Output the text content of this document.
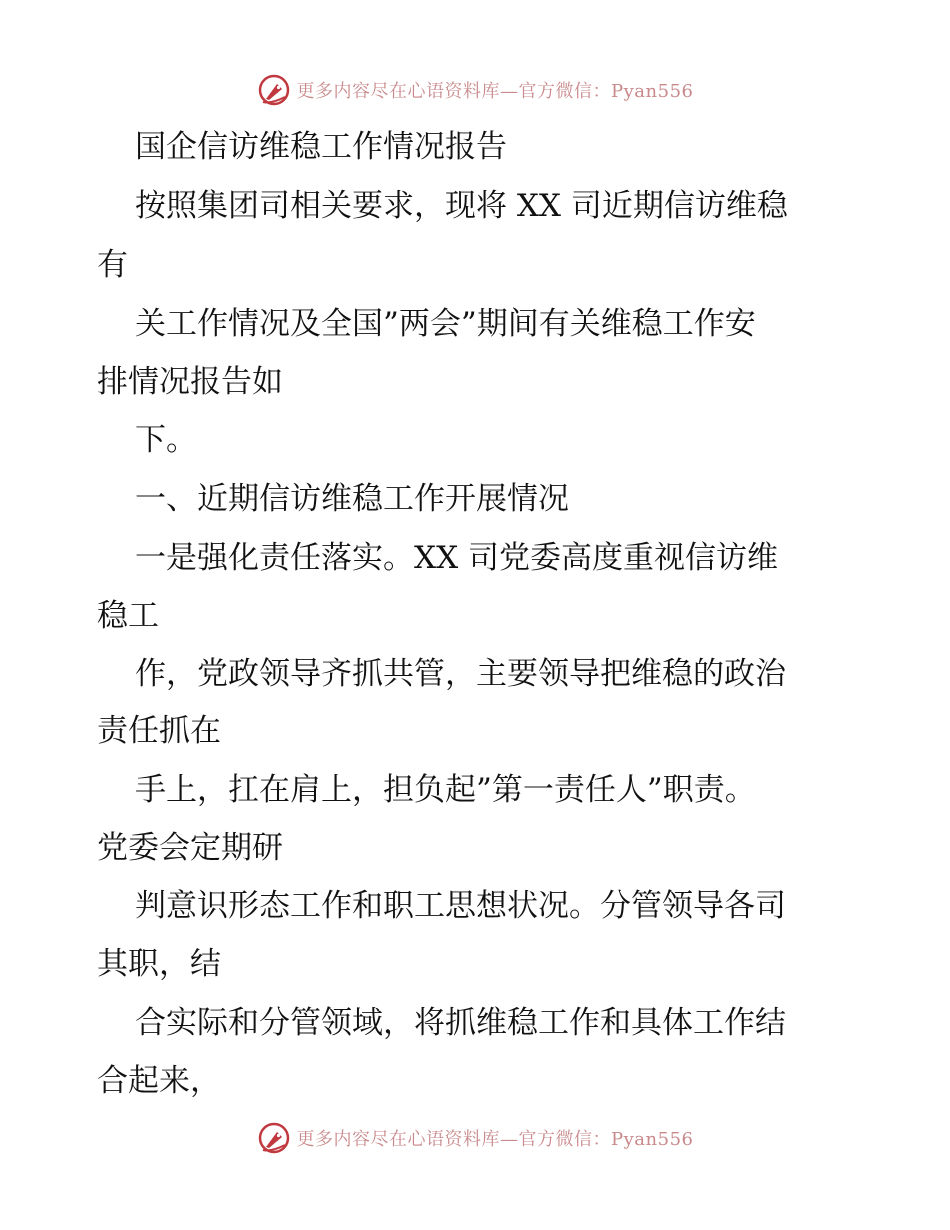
更多内容尽在心语资料库—官方微信：Pyan556

国企信访维稳工作情况报告

按照集团司相关要求，现将 XX 司近期信访维稳

有

关工作情况及全国”两会”期间有关维稳工作安

排情况报告如

下。

一、近期信访维稳工作开展情况

一是强化责任落实。XX 司党委高度重视信访维

稳工

作，党政领导齐抓共管，主要领导把维稳的政治

责任抓在

手上，扛在肩上，担负起”第一责任人”职责。

党委会定期研

判意识形态工作和职工思想状况。分管领导各司

其职，结

合实际和分管领域，将抓维稳工作和具体工作结

合起来，

更多内容尽在心语资料库—官方微信：Pyan556
